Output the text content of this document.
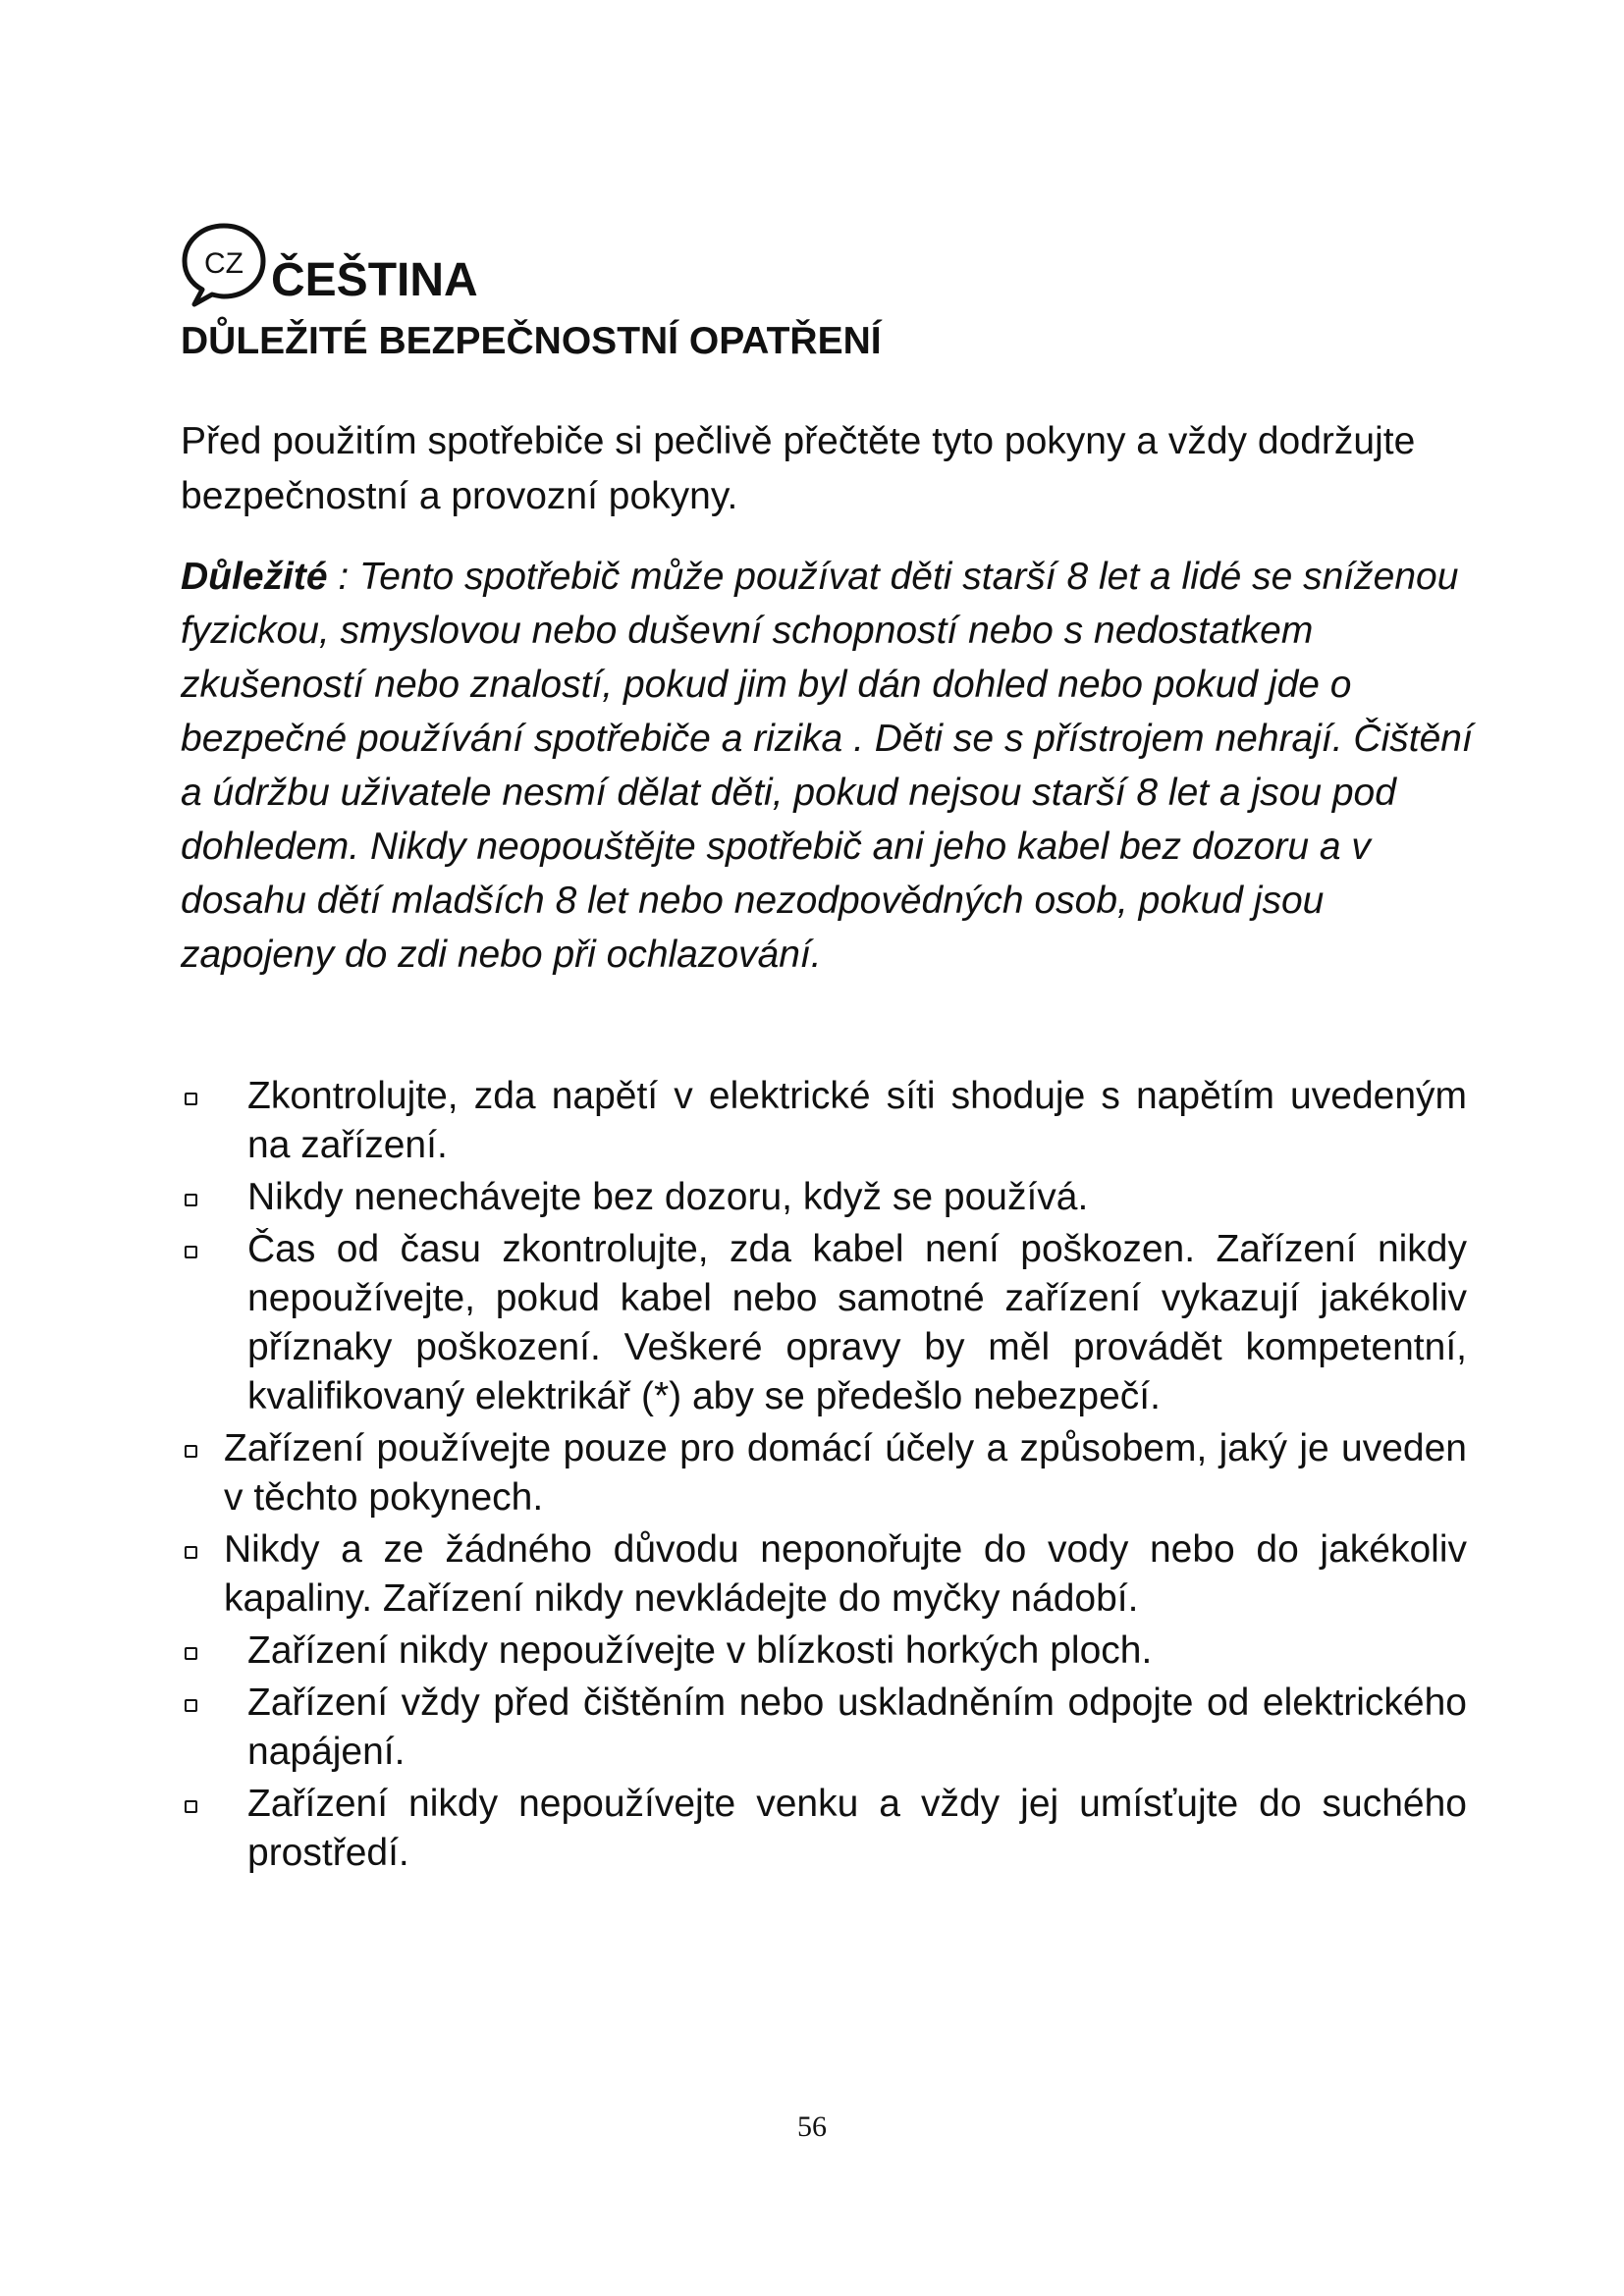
CZ ČEŠTINA
DŮLEŽITÉ BEZPEČNOSTNÍ OPATŘENÍ

Před použitím spotřebiče si pečlivě přečtěte tyto pokyny a vždy dodržujte bezpečnostní a provozní pokyny.

Důležité : Tento spotřebič může používat děti starší 8 let a lidé se sníženou fyzickou, smyslovou nebo duševní schopností nebo s nedostatkem zkušeností nebo znalostí, pokud jim byl dán dohled nebo pokud jde o bezpečné používání spotřebiče a rizika . Děti se s přístrojem nehrají. Čištění a údržbu uživatele nesmí dělat děti, pokud nejsou starší 8 let a jsou pod dohledem. Nikdy neopouštějte spotřebič ani jeho kabel bez dozoru a v dosahu dětí mladších 8 let nebo nezodpovědných osob, pokud jsou zapojeny do zdi nebo při ochlazování.

Zkontrolujte, zda napětí v elektrické síti shoduje s napětím uvedeným na zařízení.
Nikdy nenechávejte bez dozoru, když se používá.
Čas od času zkontrolujte, zda kabel není poškozen. Zařízení nikdy nepoužívejte, pokud kabel nebo samotné zařízení vykazují jakékoliv příznaky poškození. Veškeré opravy by měl provádět kompetentní, kvalifikovaný elektrikář (*) aby se předešlo nebezpečí.
Zařízení používejte pouze pro domácí účely a způsobem, jaký je uveden v těchto pokynech.
Nikdy a ze žádného důvodu neponořujte do vody nebo do jakékoliv kapaliny. Zařízení nikdy nevkládejte do myčky nádobí.
Zařízení nikdy nepoužívejte v blízkosti horkých ploch.
Zařízení vždy před čištěním nebo uskladněním odpojte od elektrického napájení.
Zařízení nikdy nepoužívejte venku a vždy jej umísťujte do suchého prostředí.
56
